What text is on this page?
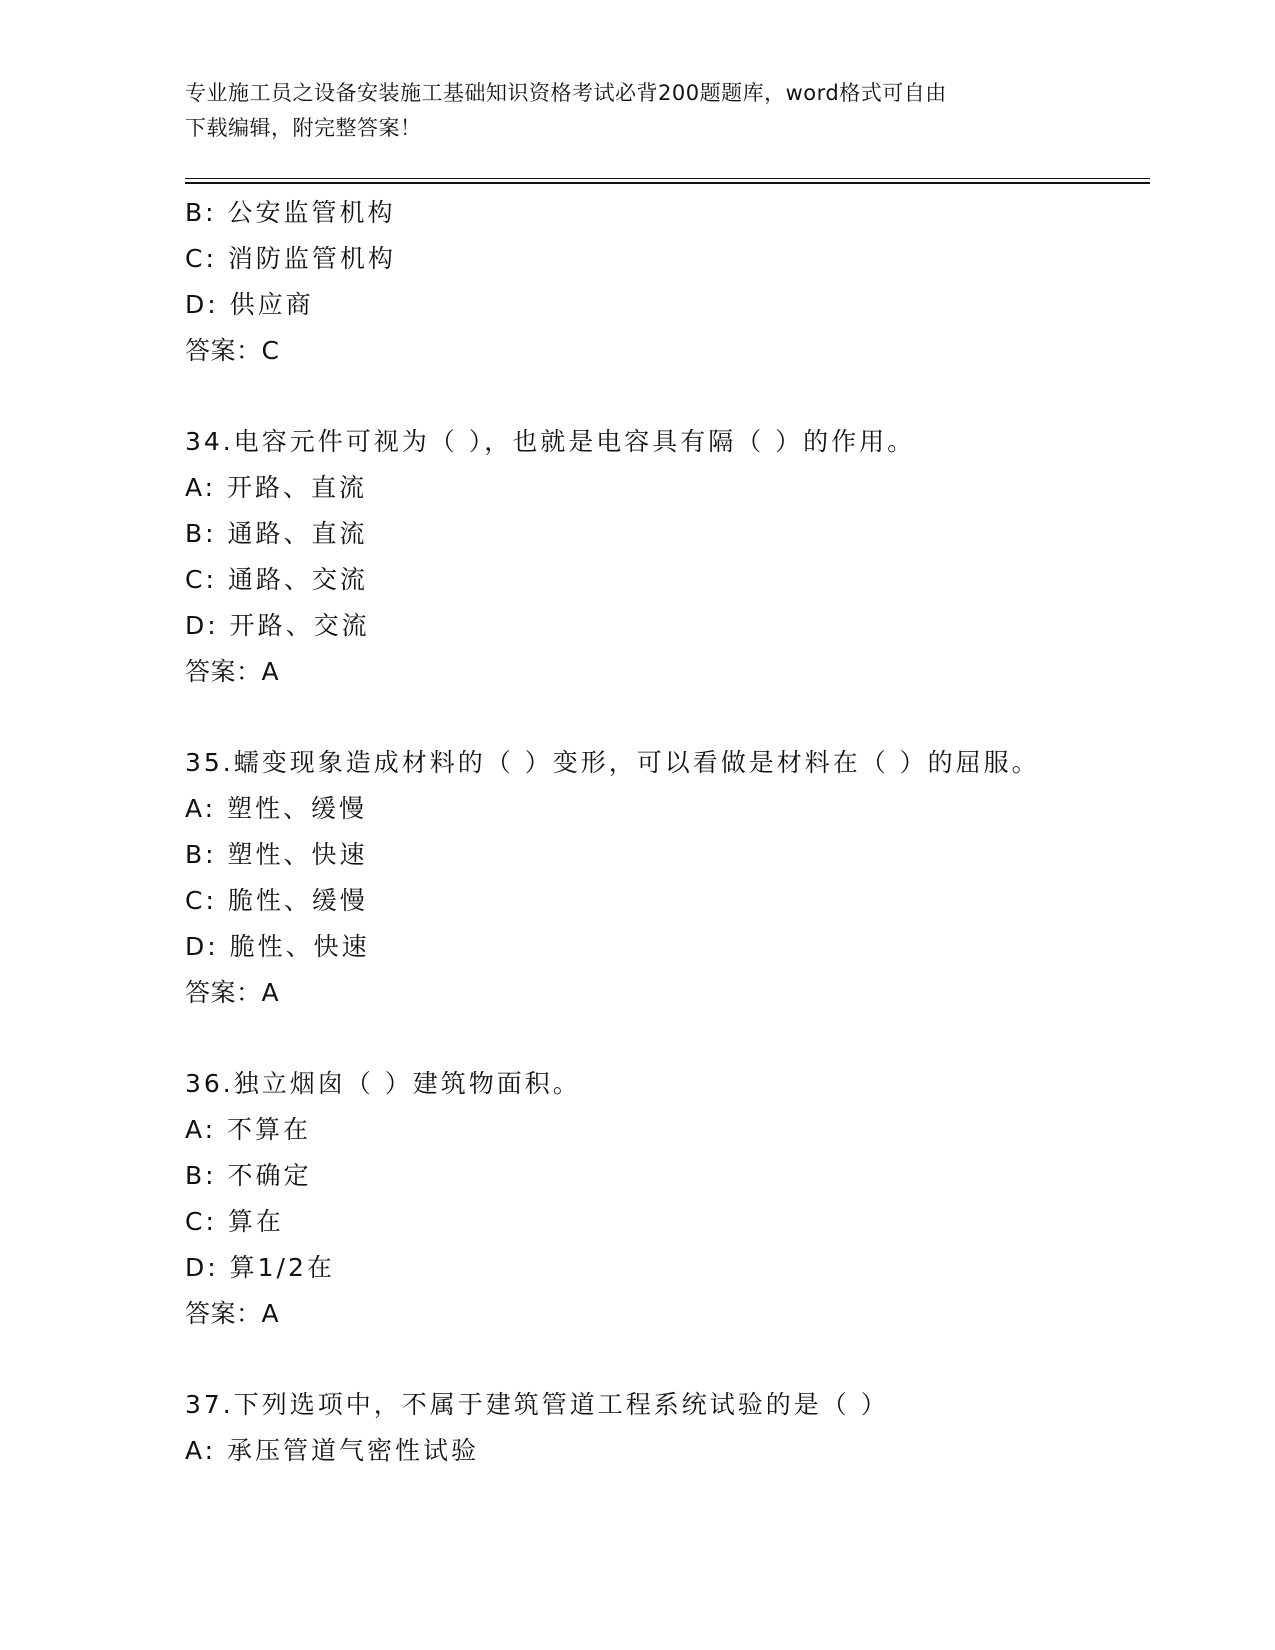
专业施工员之设备安装施工基础知识资格考试必背200题题库，word格式可自由
下载编辑，附完整答案！
B: 公安监管机构
C: 消防监管机构
D: 供应商
答案：C
34.电容元件可视为（ ），也就是电容具有隔（ ）的作用。
A: 开路、直流
B: 通路、直流
C: 通路、交流
D: 开路、交流
答案：A
35.蠕变现象造成材料的（ ）变形，可以看做是材料在（ ）的屈服。
A: 塑性、缓慢
B: 塑性、快速
C: 脆性、缓慢
D: 脆性、快速
答案：A
36.独立烟囱（ ）建筑物面积。
A: 不算在
B: 不确定
C: 算在
D: 算1/2在
答案：A
37.下列选项中，不属于建筑管道工程系统试验的是（ ）
A: 承压管道气密性试验
